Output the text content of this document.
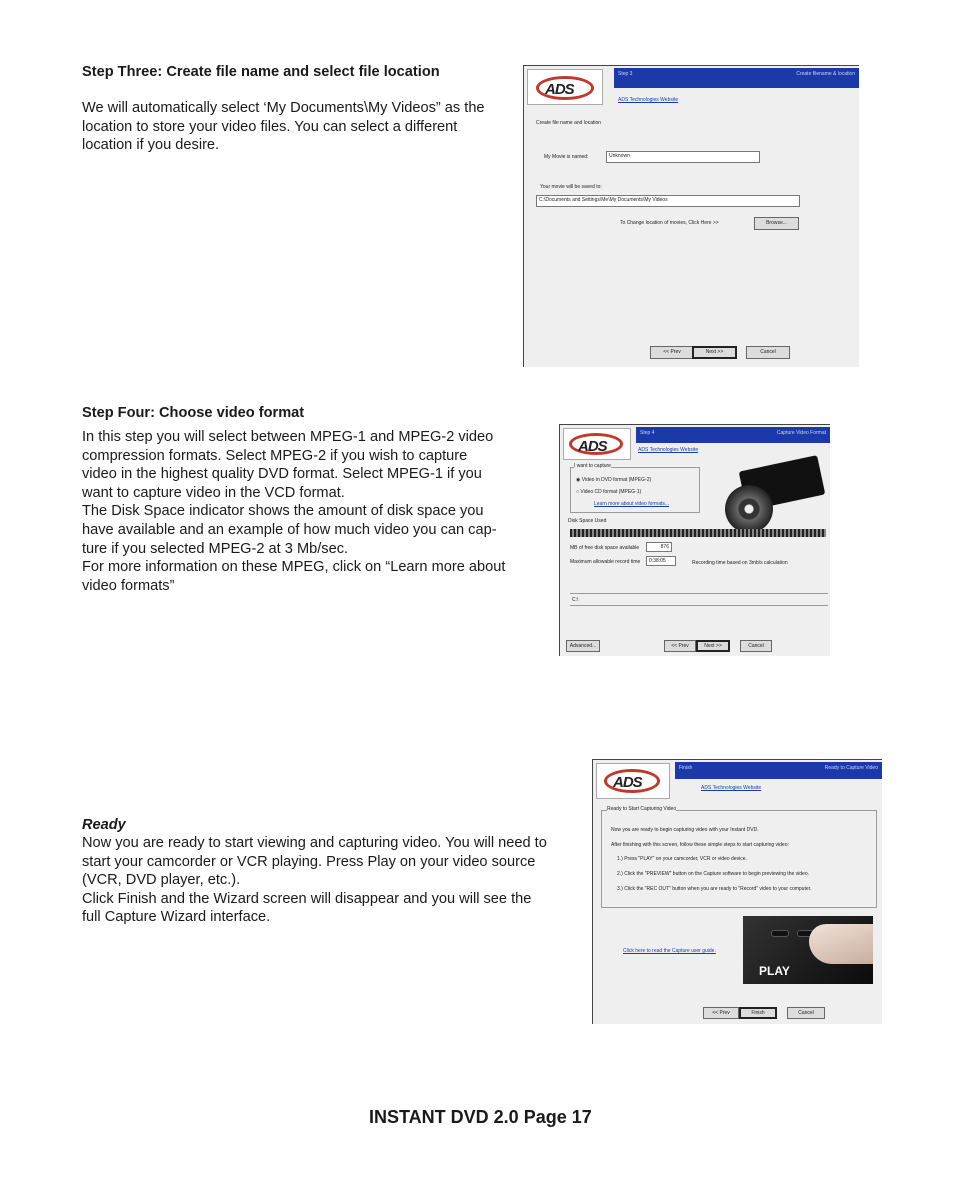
Step Three: Create file name and select file location
We will automatically select ‘My Documents\My Videos” as the
location to store your video files. You can select a different
location if you desire.
ADS
Step 3	Create filename & location
ADS Technologies Website
Create file name and location
My Movie is named:	Unknown
Your movie will be saved to:
C:\Documents and Settings\Me\My Documents\My Videos
To Change location of movies, Click Here >>	Browse...
<< Prev	Next >>	Cancel
Step Four: Choose video format
In this step you will select between MPEG-1 and MPEG-2 video
compression formats. Select MPEG-2 if you wish to capture
video in the highest quality DVD format. Select MPEG-1 if you
want to capture video in the VCD format.
The Disk Space indicator shows the amount of disk space you
have available and an example of how much video you can cap-
ture if you selected MPEG-2 at 3 Mb/sec.
For more information on these MPEG, click on “Learn more about
video formats”
ADS
Step 4	Capture Video Format
ADS Technologies Website
I want to capture
◉ Video in DVD format (MPEG-2)
○ Video CD format (MPEG-1)
Learn more about video formats...
Disk Space Used
MB of free disk space available	876
Maximum allowable record time	0:38:05	Recording time based on 3mb/s calculation
C:\
Advanced...	<< Prev	Next >>	Cancel
Ready
Now you are ready to start viewing and capturing video. You will need to
start your camcorder or VCR playing. Press Play on your video source
(VCR, DVD player, etc.).
Click Finish and the Wizard screen will disappear and you will see the
full Capture Wizard interface.
ADS
Finish	Ready to Capture Video
ADS Technologies Website
Ready to Start Capturing Video
Now you are ready to begin capturing video with your Instant DVD.
After finishing with this screen, follow these simple steps to start capturing video:
1.) Press "PLAY" on your camcorder, VCR or video device.
2.) Click the "PREVIEW" button on the Capture software to begin previewing the video.
3.) Click the "REC OUT" button when you are ready to "Record" video to your computer.
Click here to read the Capture user guide.
PLAY
<< Prev	Finish	Cancel
INSTANT DVD 2.0 Page 17
